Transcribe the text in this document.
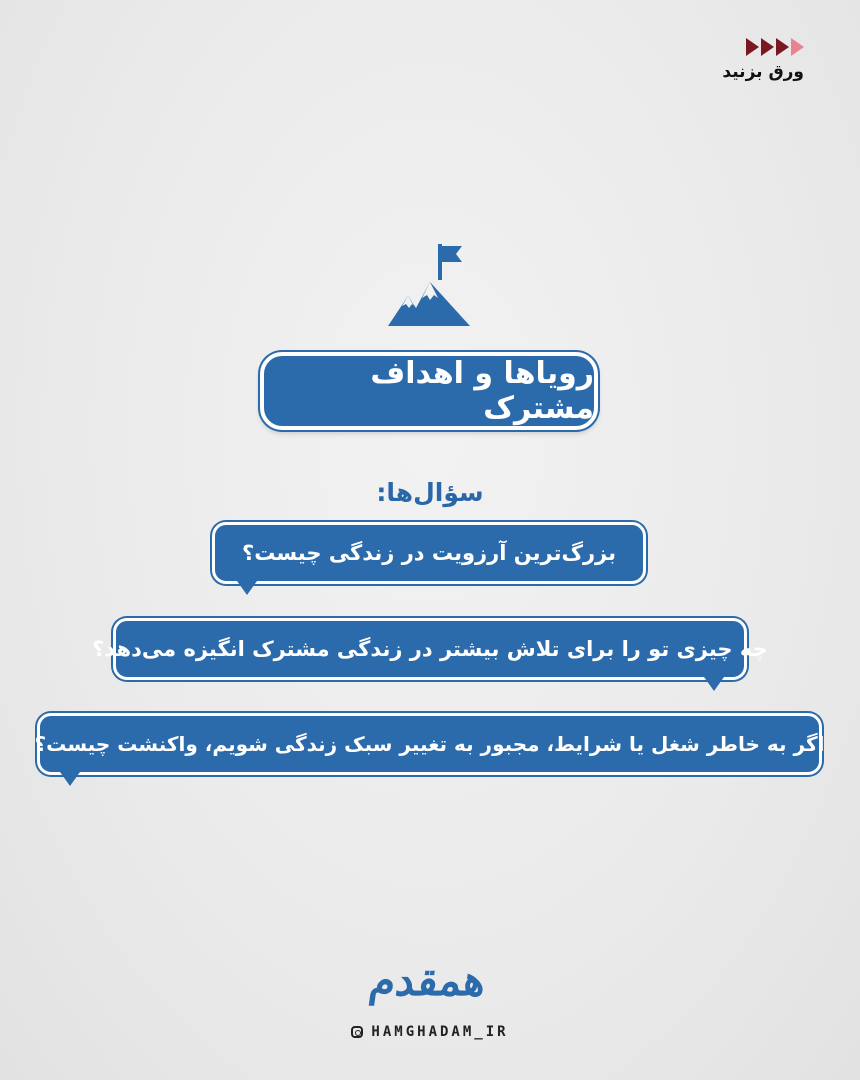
ورق بزنید
رویاها و اهداف مشترک
سؤال‌ها:
بزرگ‌ترین آرزویت در زندگی چیست؟
چه چیزی تو را برای تلاش بیشتر در زندگی مشترک انگیزه می‌دهد؟
اگر به خاطر شغل یا شرایط، مجبور به تغییر سبک زندگی شویم، واکنشت چیست؟
همقدم
HAMGHADAM_IR
